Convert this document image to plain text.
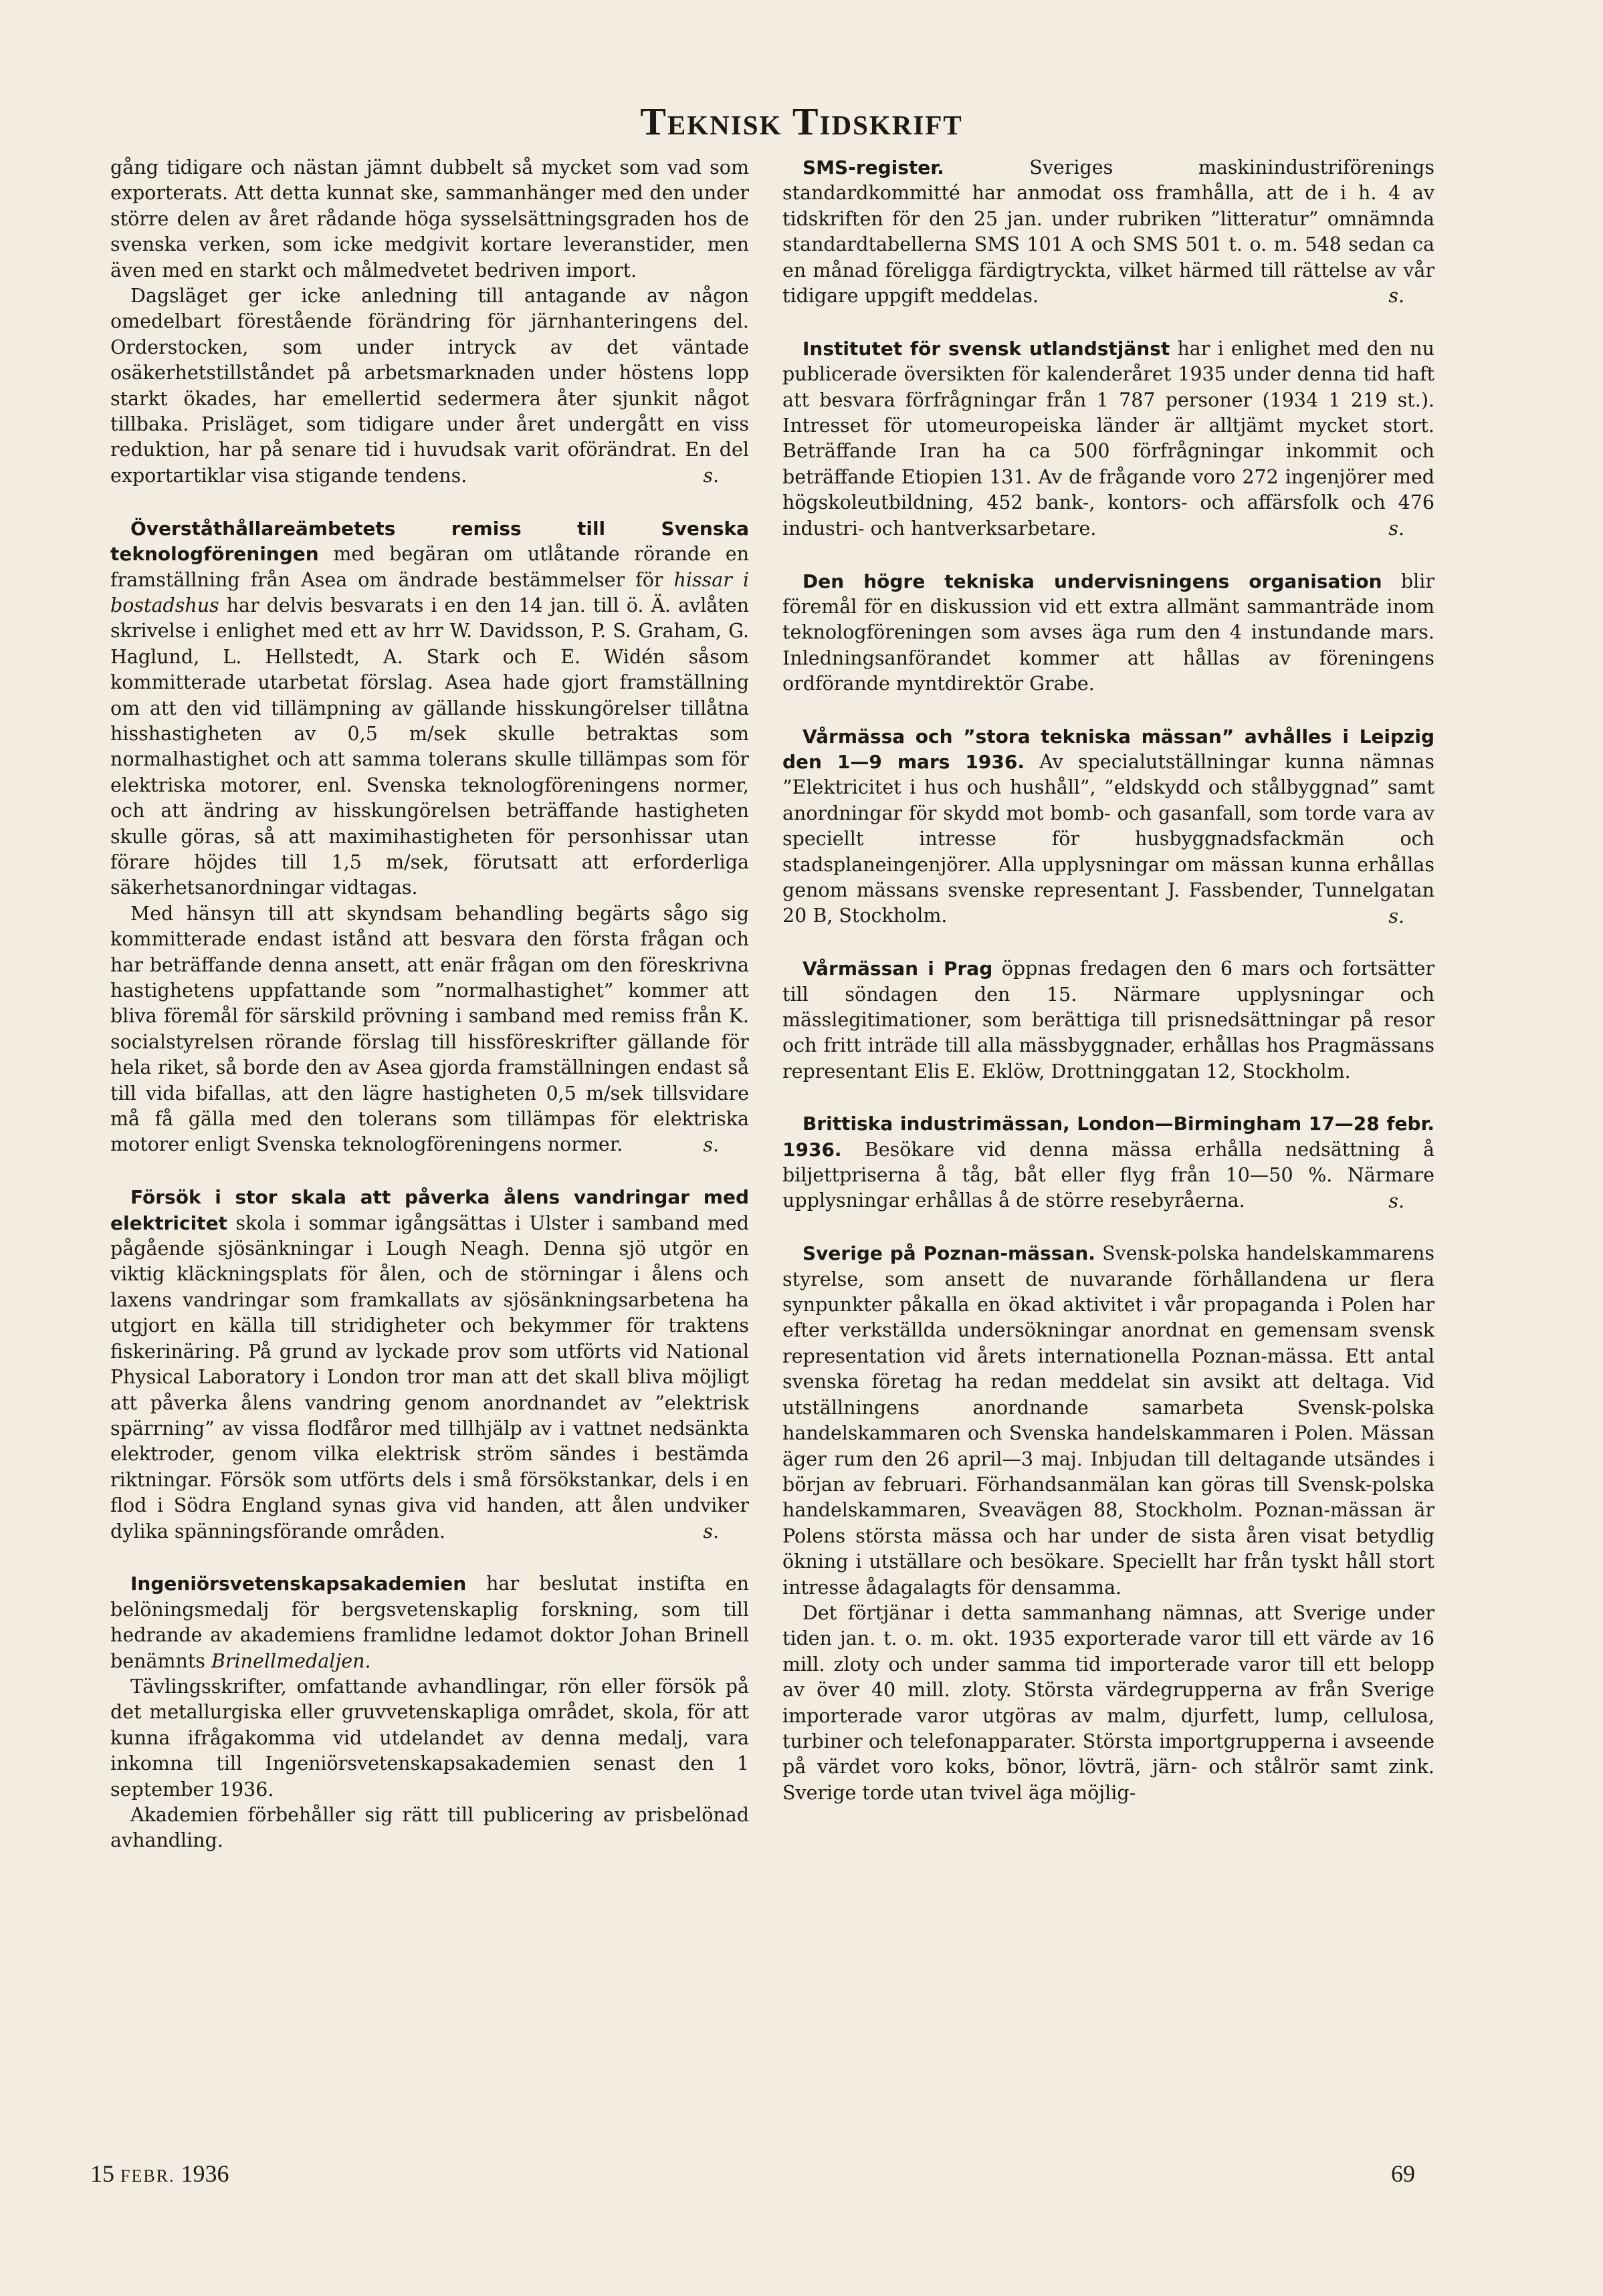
Teknisk Tidskrift

gång tidigare och nästan jämnt dubbelt så mycket som vad som exporterats. Att detta kunnat ske, sammanhänger med den under större delen av året rådande höga sysselsättningsgraden hos de svenska verken, som icke medgivit kortare leveranstider, men även med en starkt och målmedvetet bedriven import.

Dagsläget ger icke anledning till antagande av någon omedelbart förestående förändring för järnhanteringens del. Orderstocken, som under intryck av det väntade osäkerhetstillståndet på arbetsmarknaden under höstens lopp starkt ökades, har emellertid sedermera åter sjunkit något tillbaka. Prisläget, som tidigare under året undergått en viss reduktion, har på senare tid i huvudsak varit oförändrat. En del exportartiklar visa stigande tendens.	s.

Överståthållareämbetets remiss till Svenska teknologföreningen med begäran om utlåtande rörande en framställning från Asea om ändrade bestämmelser för hissar i bostadshus har delvis besvarats i en den 14 jan. till ö. Ä. avlåten skrivelse i enlighet med ett av hrr W. Davidsson, P. S. Graham, G. Haglund, L. Hellstedt, A. Stark och E. Widén såsom kommitterade utarbetat förslag. Asea hade gjort framställning om att den vid tillämpning av gällande hisskungörelser tillåtna hisshastigheten av 0,5 m/sek skulle betraktas som normalhastighet och att samma tolerans skulle tillämpas som för elektriska motorer, enl. Svenska teknologföreningens normer, och att ändring av hisskungörelsen beträffande hastigheten skulle göras, så att maximihastigheten för personhissar utan förare höjdes till 1,5 m/sek, förutsatt att erforderliga säkerhetsanordningar vidtagas.

Med hänsyn till att skyndsam behandling begärts sågo sig kommitterade endast istånd att besvara den första frågan och har beträffande denna ansett, att enär frågan om den föreskrivna hastighetens uppfattande som ”normalhastighet” kommer att bliva föremål för särskild prövning i samband med remiss från K. socialstyrelsen rörande förslag till hissföreskrifter gällande för hela riket, så borde den av Asea gjorda framställningen endast så till vida bifallas, att den lägre hastigheten 0,5 m/sek tillsvidare må få gälla med den tolerans som tillämpas för elektriska motorer enligt Svenska teknologföreningens normer.	s.

Försök i stor skala att påverka ålens vandringar med elektricitet skola i sommar igångsättas i Ulster i samband med pågående sjösänkningar i Lough Neagh. Denna sjö utgör en viktig kläckningsplats för ålen, och de störningar i ålens och laxens vandringar som framkallats av sjösänkningsarbetena ha utgjort en källa till stridigheter och bekymmer för traktens fiskerinäring. På grund av lyckade prov som utförts vid National Physical Laboratory i London tror man att det skall bliva möjligt att påverka ålens vandring genom anordnandet av ”elektrisk spärrning” av vissa flodfåror med tillhjälp av i vattnet nedsänkta elektroder, genom vilka elektrisk ström sändes i bestämda riktningar. Försök som utförts dels i små försökstankar, dels i en flod i Södra England synas giva vid handen, att ålen undviker dylika spänningsförande områden.	s.

Ingeniörsvetenskapsakademien har beslutat instifta en belöningsmedalj för bergsvetenskaplig forskning, som till hedrande av akademiens framlidne ledamot doktor Johan Brinell benämnts Brinellmedaljen.

Tävlingsskrifter, omfattande avhandlingar, rön eller försök på det metallurgiska eller gruvvetenskapliga området, skola, för att kunna ifrågakomma vid utdelandet av denna medalj, vara inkomna till Ingeniörsvetenskapsakademien senast den 1 september 1936.

Akademien förbehåller sig rätt till publicering av prisbelönad avhandling.

SMS-register. Sveriges maskinindustriförenings standardkommitté har anmodat oss framhålla, att de i h. 4 av tidskriften för den 25 jan. under rubriken ”litteratur” omnämnda standardtabellerna SMS 101 A och SMS 501 t. o. m. 548 sedan ca en månad föreligga färdigtryckta, vilket härmed till rättelse av vår tidigare uppgift meddelas.	s.

Institutet för svensk utlandstjänst har i enlighet med den nu publicerade översikten för kalenderåret 1935 under denna tid haft att besvara förfrågningar från 1 787 personer (1934 1 219 st.). Intresset för utomeuropeiska länder är alltjämt mycket stort. Beträffande Iran ha ca 500 förfrågningar inkommit och beträffande Etiopien 131. Av de frågande voro 272 ingenjörer med högskoleutbildning, 452 bank-, kontors- och affärsfolk och 476 industri- och hantverksarbetare.	s.

Den högre tekniska undervisningens organisation blir föremål för en diskussion vid ett extra allmänt sammanträde inom teknologföreningen som avses äga rum den 4 instundande mars. Inledningsanförandet kommer att hållas av föreningens ordförande myntdirektör Grabe.

Vårmässa och ”stora tekniska mässan” avhålles i Leipzig den 1—9 mars 1936. Av specialutställningar kunna nämnas ”Elektricitet i hus och hushåll”, ”eldskydd och stålbyggnad” samt anordningar för skydd mot bomb- och gasanfall, som torde vara av speciellt intresse för husbyggnadsfackmän och stadsplaneingenjörer. Alla upplysningar om mässan kunna erhållas genom mässans svenske representant J. Fassbender, Tunnelgatan 20 B, Stockholm.	s.

Vårmässan i Prag öppnas fredagen den 6 mars och fortsätter till söndagen den 15. Närmare upplysningar och mässlegitimationer, som berättiga till prisnedsättningar på resor och fritt inträde till alla mässbyggnader, erhållas hos Pragmässans representant Elis E. Eklöw, Drottninggatan 12, Stockholm.

Brittiska industrimässan, London—Birmingham 17—28 febr. 1936. Besökare vid denna mässa erhålla nedsättning å biljettpriserna å tåg, båt eller flyg från 10—50 %. Närmare upplysningar erhållas å de större resebyråerna.	s.

Sverige på Poznan-mässan. Svensk-polska handelskammarens styrelse, som ansett de nuvarande förhållandena ur flera synpunkter påkalla en ökad aktivitet i vår propaganda i Polen har efter verkställda undersökningar anordnat en gemensam svensk representation vid årets internationella Poznan-mässa. Ett antal svenska företag ha redan meddelat sin avsikt att deltaga. Vid utställningens anordnande samarbeta Svensk-polska handelskammaren och Svenska handelskammaren i Polen. Mässan äger rum den 26 april—3 maj. Inbjudan till deltagande utsändes i början av februari. Förhandsanmälan kan göras till Svensk-polska handelskammaren, Sveavägen 88, Stockholm. Poznan-mässan är Polens största mässa och har under de sista åren visat betydlig ökning i utställare och besökare. Speciellt har från tyskt håll stort intresse ådagalagts för densamma.

Det förtjänar i detta sammanhang nämnas, att Sverige under tiden jan. t. o. m. okt. 1935 exporterade varor till ett värde av 16 mill. zloty och under samma tid importerade varor till ett belopp av över 40 mill. zloty. Största värdegrupperna av från Sverige importerade varor utgöras av malm, djurfett, lump, cellulosa, turbiner och telefonapparater. Största importgrupperna i avseende på värdet voro koks, bönor, lövträ, järn- och stålrör samt zink. Sverige torde utan tvivel äga möjlig-

15 FEBR. 1936	69
